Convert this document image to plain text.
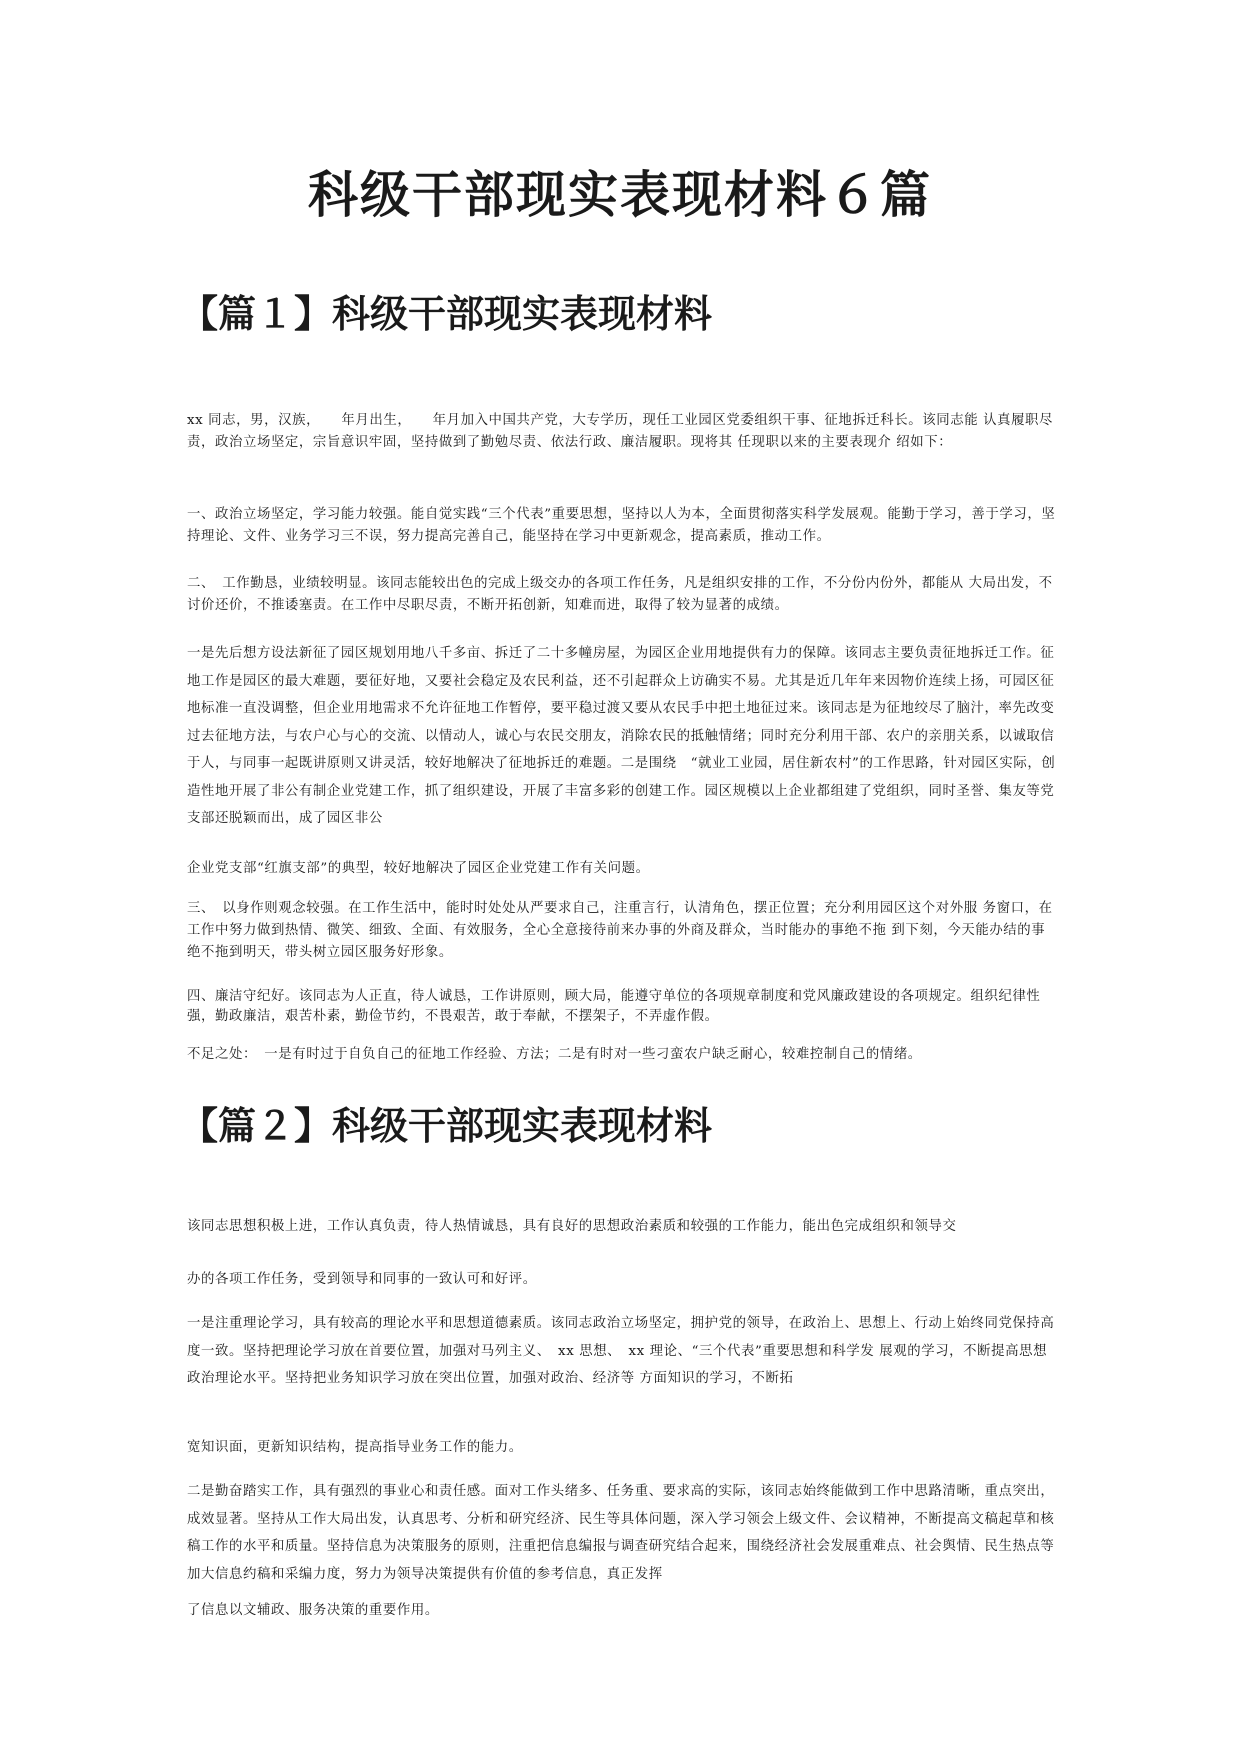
科级干部现实表现材料６篇
【篇１】科级干部现实表现材料
xx 同志，男，汉族，　　年月出生，　　年月加入中国共产党，大专学历，现任工业园区党委组织干事、征地拆迁科长。该同志能 认真履职尽责，政治立场坚定，宗旨意识牢固，坚持做到了勤勉尽责、依法行政、廉洁履职。现将其 任现职以来的主要表现介 绍如下：
一、政治立场坚定，学习能力较强。能自觉实践“三个代表”重要思想，坚持以人为本，全面贯彻落实科学发展观。能勤于学习，善于学习，坚持理论、文件、业务学习三不误，努力提高完善自己，能坚持在学习中更新观念，提高素质，推动工作。
二、　工作勤恳，业绩较明显。该同志能较出色的完成上级交办的各项工作任务，凡是组织安排的工作，不分份内份外，都能从 大局出发，不讨价还价，不推诿塞责。在工作中尽职尽责，不断开拓创新，知难而进，取得了较为显著的成绩。
一是先后想方设法新征了园区规划用地八千多亩、拆迁了二十多幢房屋，为园区企业用地提供有力的保障。该同志主要负责征地拆迁工作。征地工作是园区的最大难题，要征好地，又要社会稳定及农民利益，还不引起群众上访确实不易。尤其是近几年年来因物价连续上扬，可园区征地标准一直没调整，但企业用地需求不允许征地工作暂停，要平稳过渡又要从农民手中把土地征过来。该同志是为征地绞尽了脑汁，率先改变过去征地方法，与农户心与心的交流、以情动人，诚心与农民交朋友，消除农民的抵触情绪；同时充分利用干部、农户的亲朋关系，以诚取信于人，与同事一起既讲原则又讲灵活，较好地解决了征地拆迁的难题。二是围绕　“就业工业园，居住新农村”的工作思路，针对园区实际，创造性地开展了非公有制企业党建工作，抓了组织建设，开展了丰富多彩的创建工作。园区规模以上企业都组建了党组织，同时圣誉、集友等党支部还脱颖而出，成了园区非公
企业党支部“红旗支部”的典型，较好地解决了园区企业党建工作有关问题。
三、　以身作则观念较强。在工作生活中，能时时处处从严要求自己，注重言行，认清角色，摆正位置；充分利用园区这个对外服 务窗口，在工作中努力做到热情、微笑、细致、全面、有效服务，全心全意接待前来办事的外商及群众，当时能办的事绝不拖 到下刻，今天能办结的事绝不拖到明天，带头树立园区服务好形象。
四、廉洁守纪好。该同志为人正直，待人诚恳，工作讲原则，顾大局，能遵守单位的各项规章制度和党风廉政建设的各项规定。组织纪律性强，勤政廉洁，艰苦朴素，勤俭节约，不畏艰苦，敢于奉献，不摆架子，不弄虚作假。
不足之处：　一是有时过于自负自己的征地工作经验、方法；二是有时对一些刁蛮农户缺乏耐心，较难控制自己的情绪。
【篇２】科级干部现实表现材料
该同志思想积极上进，工作认真负责，待人热情诚恳，具有良好的思想政治素质和较强的工作能力，能出色完成组织和领导交
办的各项工作任务，受到领导和同事的一致认可和好评。
一是注重理论学习，具有较高的理论水平和思想道德素质。该同志政治立场坚定，拥护党的领导，在政治上、思想上、行动上始终同党保持高度一致。坚持把理论学习放在首要位置，加强对马列主义、　xx 思想、　xx 理论、“三个代表”重要思想和科学发 展观的学习，不断提高思想政治理论水平。坚持把业务知识学习放在突出位置，加强对政治、经济等 方面知识的学习，不断拓
宽知识面，更新知识结构，提高指导业务工作的能力。
二是勤奋踏实工作，具有强烈的事业心和责任感。面对工作头绪多、任务重、要求高的实际，该同志始终能做到工作中思路清晰，重点突出，成效显著。坚持从工作大局出发，认真思考、分析和研究经济、民生等具体问题，深入学习领会上级文件、会议精神，不断提高文稿起草和核稿工作的水平和质量。坚持信息为决策服务的原则，注重把信息编报与调查研究结合起来，围绕经济社会发展重难点、社会舆情、民生热点等加大信息约稿和采编力度，努力为领导决策提供有价值的参考信息，真正发挥
了信息以文辅政、服务决策的重要作用。
